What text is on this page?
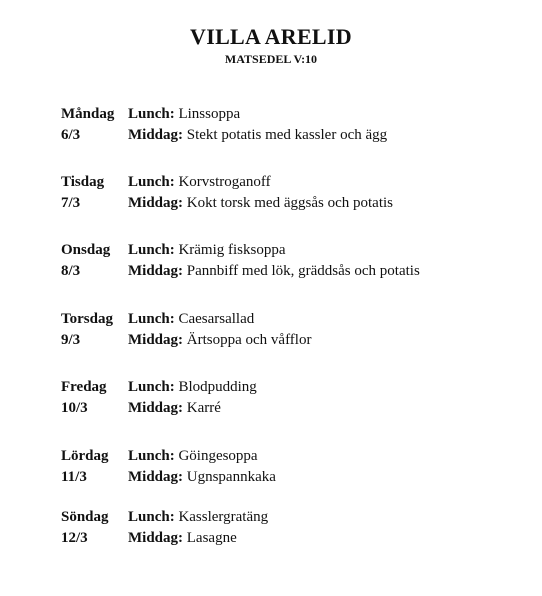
VILLA ARELID
MATSEDEL V:10
Måndag Lunch: Linssoppa
6/3	Middag: Stekt potatis med kassler och ägg
Tisdag	Lunch: Korvstroganoff
7/3	Middag: Kokt torsk med äggsås och potatis
Onsdag	Lunch: Krämig fisksoppa
8/3	Middag: Pannbiff med lök, gräddsås och potatis
Torsdag	Lunch: Caesarsallad
9/3	Middag: Ärtsoppa och våfflor
Fredag	Lunch: Blodpudding
10/3	Middag: Karré
Lördag	Lunch: Göingesoppa
11/3	Middag: Ugnspannkaka
Söndag	Lunch: Kasslergratäng
12/3	Middag: Lasagne
